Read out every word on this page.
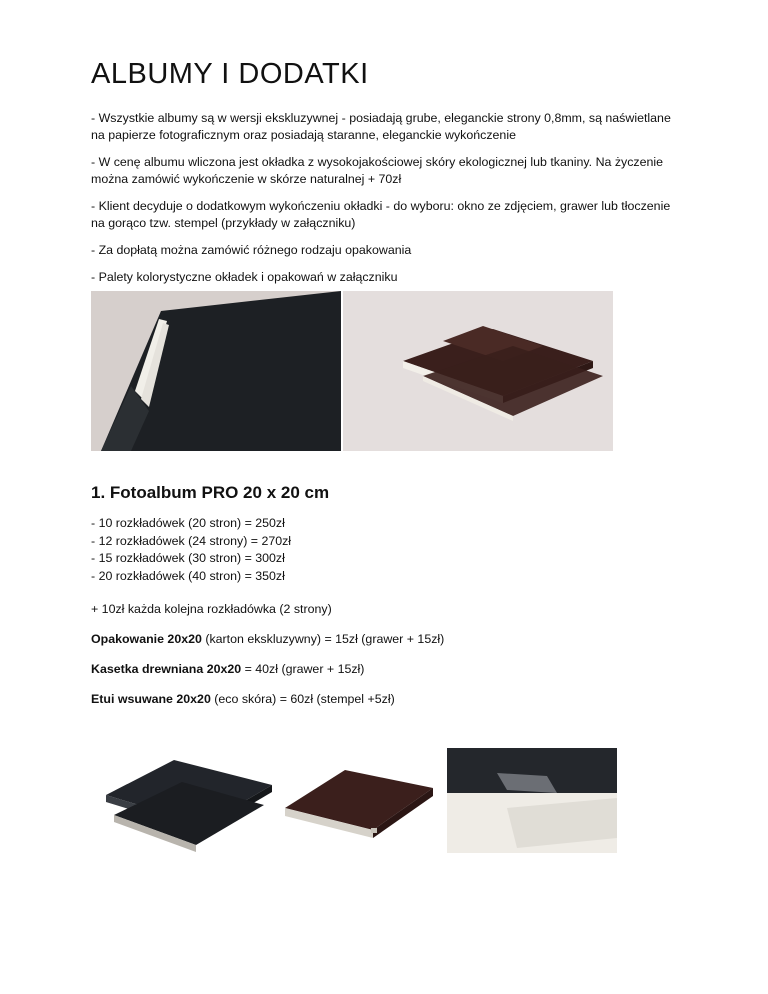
ALBUMY I DODATKI

- Wszystkie albumy są w wersji ekskluzywnej - posiadają grube, eleganckie strony 0,8mm, są naświetlane na papierze fotograficznym oraz posiadają staranne, eleganckie wykończenie

- W cenę albumu wliczona jest okładka z wysokojakościowej skóry ekologicznej lub tkaniny. Na życzenie można zamówić wykończenie w skórze naturalnej + 70zł

- Klient decyduje o dodatkowym wykończeniu okładki - do wyboru: okno ze zdjęciem, grawer lub tłoczenie na gorąco tzw. stempel (przykłady w załączniku)

- Za dopłatą można zamówić różnego rodzaju opakowania

- Palety kolorystyczne okładek i opakowań w załączniku

1. Fotoalbum PRO 20 x 20 cm
- 10 rozkładówek (20 stron) = 250zł
- 12 rozkładówek (24 strony) = 270zł
- 15 rozkładówek (30 stron) = 300zł
- 20 rozkładówek (40 stron) = 350zł
+ 10zł każda kolejna rozkładówka (2 strony)
Opakowanie 20x20 (karton ekskluzywny) = 15zł (grawer + 15zł)
Kasetka drewniana 20x20 = 40zł (grawer + 15zł)
Etui wsuwane 20x20 (eco skóra) = 60zł (stempel +5zł)
